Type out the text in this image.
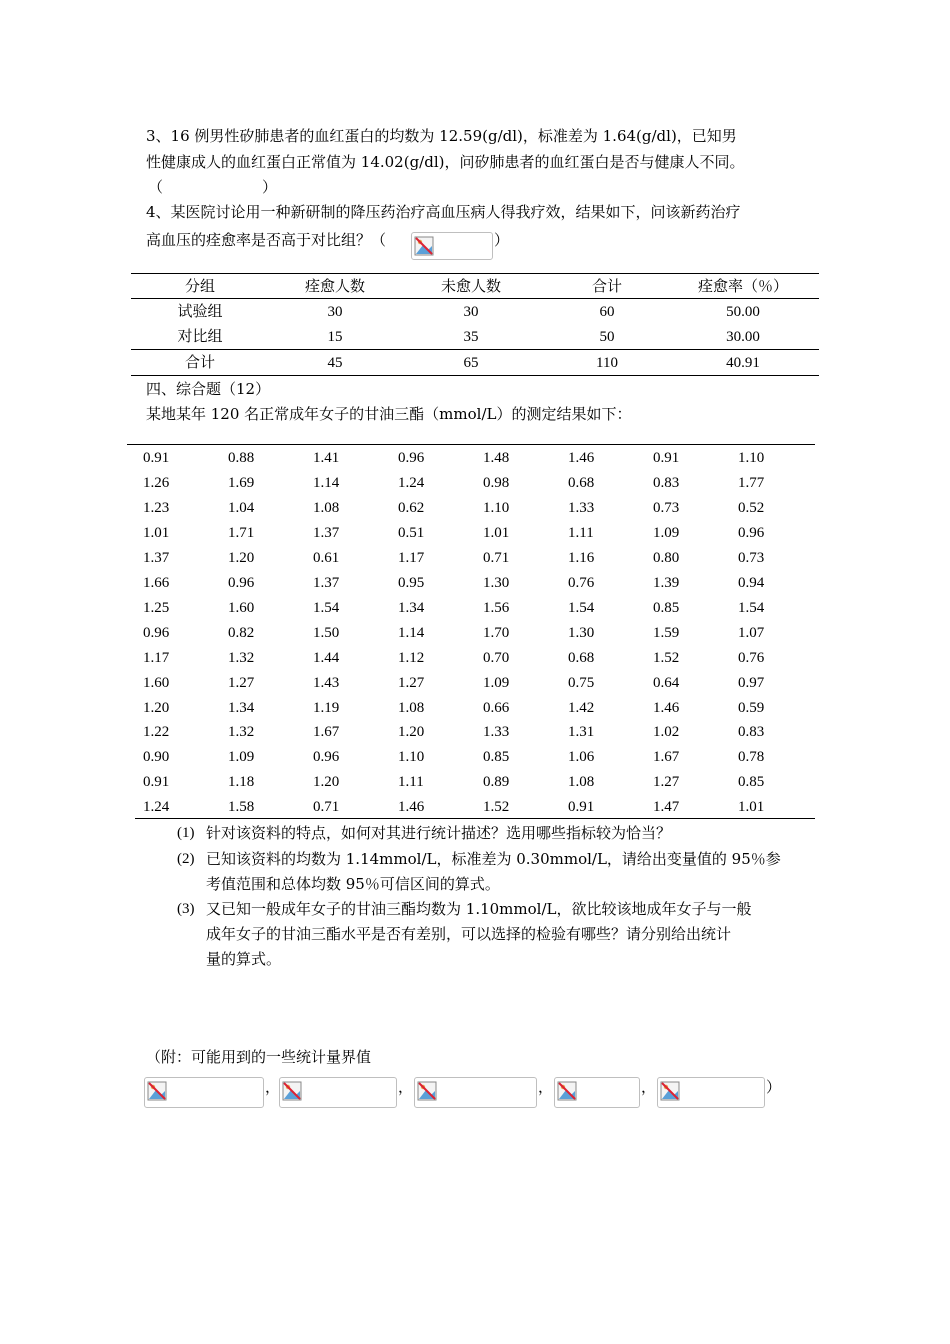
3、16 例男性矽肺患者的血红蛋白的均数为 12.59(g/dl)，标准差为 1.64(g/dl)，已知男
性健康成人的血红蛋白正常值为 14.02(g/dl)，问矽肺患者的血红蛋白是否与健康人不同。
（	）
4、某医院讨论用一种新研制的降压药治疗高血压病人得我疗效，结果如下，问该新药治疗
高血压的痊愈率是否高于对比组？（	）
分组	痊愈人数	未愈人数	合计	痊愈率（％）
试验组	30	30	60	50.00
对比组	15	35	50	30.00
合计	45	65	110	40.91
四、综合题（12）
某地某年 120 名正常成年女子的甘油三酯（mmol/L）的测定结果如下：
0.91	0.88	1.41	0.96	1.48	1.46	0.91	1.10
1.26	1.69	1.14	1.24	0.98	0.68	0.83	1.77
1.23	1.04	1.08	0.62	1.10	1.33	0.73	0.52
1.01	1.71	1.37	0.51	1.01	1.11	1.09	0.96
1.37	1.20	0.61	1.17	0.71	1.16	0.80	0.73
1.66	0.96	1.37	0.95	1.30	0.76	1.39	0.94
1.25	1.60	1.54	1.34	1.56	1.54	0.85	1.54
0.96	0.82	1.50	1.14	1.70	1.30	1.59	1.07
1.17	1.32	1.44	1.12	0.70	0.68	1.52	0.76
1.60	1.27	1.43	1.27	1.09	0.75	0.64	0.97
1.20	1.34	1.19	1.08	0.66	1.42	1.46	0.59
1.22	1.32	1.67	1.20	1.33	1.31	1.02	0.83
0.90	1.09	0.96	1.10	0.85	1.06	1.67	0.78
0.91	1.18	1.20	1.11	0.89	1.08	1.27	0.85
1.24	1.58	0.71	1.46	1.52	0.91	1.47	1.01
(1) 针对该资料的特点，如何对其进行统计描述？选用哪些指标较为恰当？
(2) 已知该资料的均数为 1.14mmol/L，标准差为 0.30mmol/L，请给出变量值的 95％参
考值范围和总体均数 95％可信区间的算式。
(3) 又已知一般成年女子的甘油三酯均数为 1.10mmol/L，欲比较该地成年女子与一般
成年女子的甘油三酯水平是否有差别，可以选择的检验有哪些？请分别给出统计
量的算式。
（附：可能用到的一些统计量界值
，	，	，	，	）
